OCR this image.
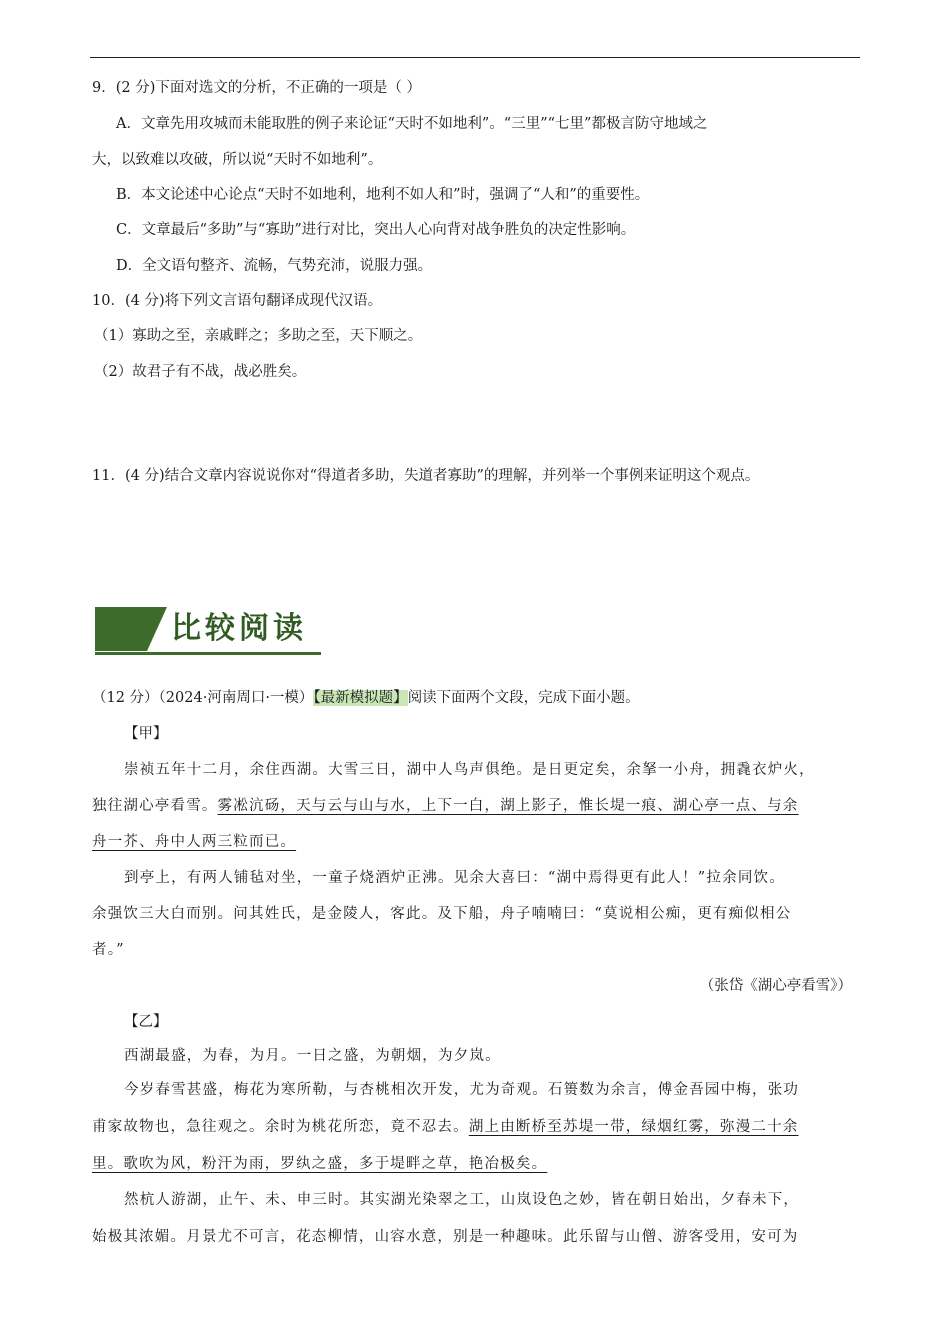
9．(2 分)下面对选文的分析，不正确的一项是（ ）
A．文章先用攻城而未能取胜的例子来论证“天时不如地利”。“三里”“七里”都极言防守地域之
大，以致难以攻破，所以说“天时不如地利”。
B．本文论述中心论点“天时不如地利，地利不如人和”时，强调了“人和”的重要性。
C．文章最后“多助”与“寡助”进行对比，突出人心向背对战争胜负的决定性影响。
D．全文语句整齐、流畅，气势充沛，说服力强。
10．(4 分)将下列文言语句翻译成现代汉语。
（1）寡助之至，亲戚畔之；多助之至，天下顺之。
（2）故君子有不战，战必胜矣。
11．(4 分)结合文章内容说说你对“得道者多助，失道者寡助”的理解，并列举一个事例来证明这个观点。
比较阅读
（12 分）（2024·河南周口·一模）【最新模拟题】阅读下面两个文段，完成下面小题。
【甲】
崇祯五年十二月，余住西湖。大雪三日，湖中人鸟声俱绝。是日更定矣，余拏一小舟，拥毳衣炉火，
独往湖心亭看雪。雾凇沆砀，天与云与山与水，上下一白，湖上影子，惟长堤一痕、湖心亭一点、与余
舟一芥、舟中人两三粒而已。
到亭上，有两人铺毡对坐，一童子烧酒炉正沸。见余大喜曰：“湖中焉得更有此人！”拉余同饮。
余强饮三大白而别。问其姓氏，是金陵人，客此。及下船，舟子喃喃曰：“莫说相公痴，更有痴似相公
者。”
（张岱《湖心亭看雪》）
【乙】
西湖最盛，为春，为月。一日之盛，为朝烟，为夕岚。
今岁春雪甚盛，梅花为寒所勒，与杏桃相次开发，尤为奇观。石篑数为余言，傅金吾园中梅，张功
甫家故物也，急往观之。余时为桃花所恋，竟不忍去。湖上由断桥至苏堤一带，绿烟红雾，弥漫二十余
里。歌吹为风，粉汗为雨，罗纨之盛，多于堤畔之草，艳冶极矣。
然杭人游湖，止午、未、申三时。其实湖光染翠之工，山岚设色之妙，皆在朝日始出，夕春未下，
始极其浓媚。月景尤不可言，花态柳情，山容水意，别是一种趣味。此乐留与山僧、游客受用，安可为
